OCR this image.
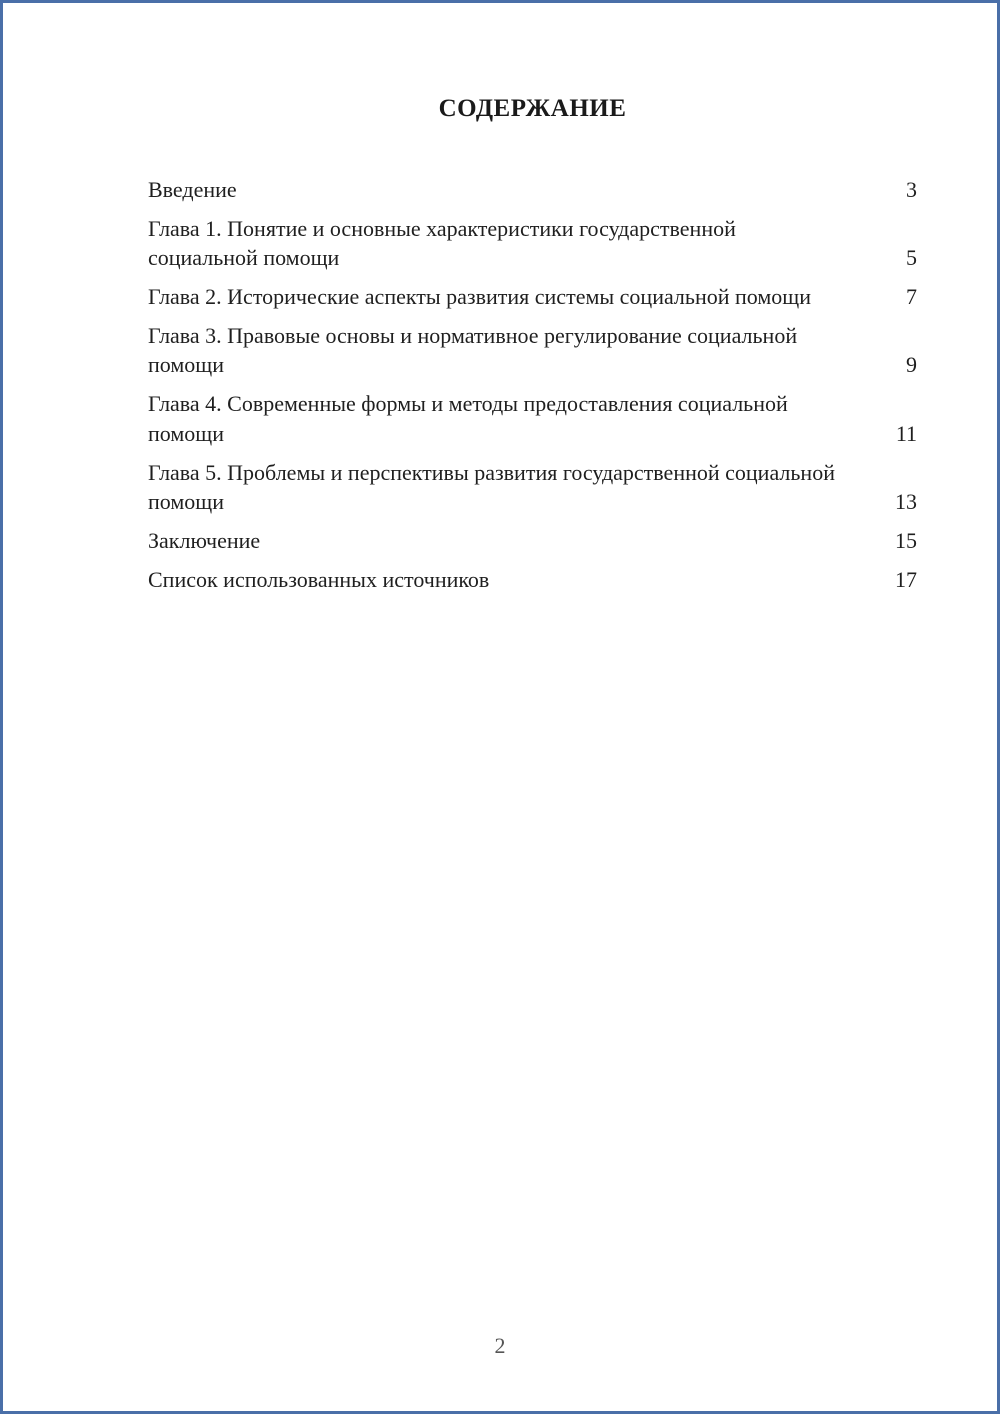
СОДЕРЖАНИЕ
Введение	3
Глава 1. Понятие и основные характеристики государственной социальной помощи	5
Глава 2. Исторические аспекты развития системы социальной помощи	7
Глава 3. Правовые основы и нормативное регулирование социальной помощи	9
Глава 4. Современные формы и методы предоставления социальной помощи	11
Глава 5. Проблемы и перспективы развития государственной социальной помощи	13
Заключение	15
Список использованных источников	17
2
